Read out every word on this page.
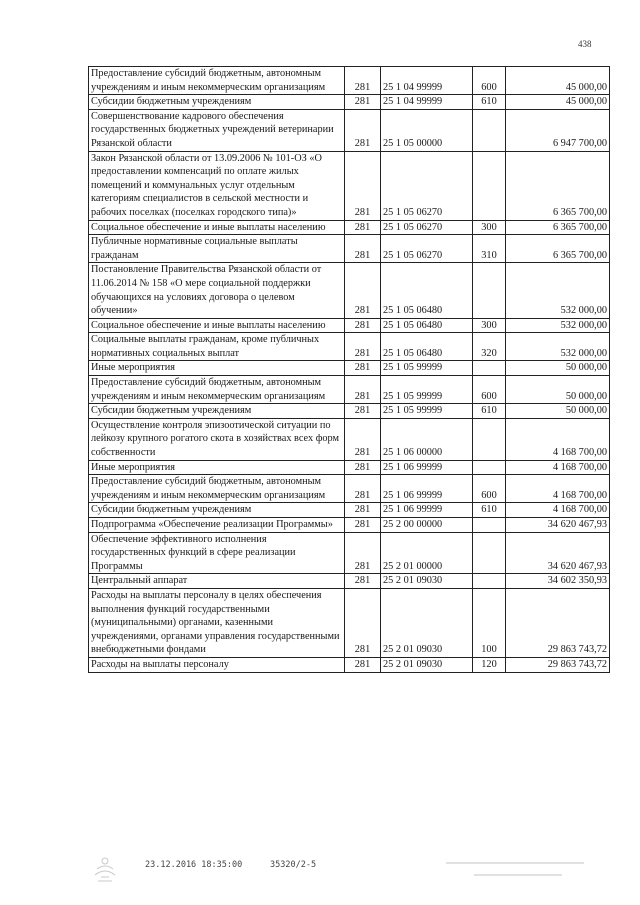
438
Предоставление субсидий бюджетным, автономным учреждениям и иным некоммерческим организациям	281	25 1 04 99999	600	45 000,00
Субсидии бюджетным учреждениям	281	25 1 04 99999	610	45 000,00
Совершенствование кадрового обеспечения государственных бюджетных учреждений ветеринарии Рязанской области	281	25 1 05 00000		6 947 700,00
Закон Рязанской области от 13.09.2006 № 101-ОЗ «О предоставлении компенсаций по оплате жилых помещений и коммунальных услуг отдельным категориям специалистов в сельской местности и рабочих поселках (поселках городского типа)»	281	25 1 05 06270		6 365 700,00
Социальное обеспечение и иные выплаты населению	281	25 1 05 06270	300	6 365 700,00
Публичные нормативные социальные выплаты гражданам	281	25 1 05 06270	310	6 365 700,00
Постановление Правительства Рязанской области от 11.06.2014 № 158 «О мере социальной поддержки обучающихся на условиях договора о целевом обучении»	281	25 1 05 06480		532 000,00
Социальное обеспечение и иные выплаты населению	281	25 1 05 06480	300	532 000,00
Социальные выплаты гражданам, кроме публичных нормативных социальных выплат	281	25 1 05 06480	320	532 000,00
Иные мероприятия	281	25 1 05 99999		50 000,00
Предоставление субсидий бюджетным, автономным учреждениям и иным некоммерческим организациям	281	25 1 05 99999	600	50 000,00
Субсидии бюджетным учреждениям	281	25 1 05 99999	610	50 000,00
Осуществление контроля эпизоотической ситуации по лейкозу крупного рогатого скота в хозяйствах всех форм собственности	281	25 1 06 00000		4 168 700,00
Иные мероприятия	281	25 1 06 99999		4 168 700,00
Предоставление субсидий бюджетным, автономным учреждениям и иным некоммерческим организациям	281	25 1 06 99999	600	4 168 700,00
Субсидии бюджетным учреждениям	281	25 1 06 99999	610	4 168 700,00
Подпрограмма «Обеспечение реализации Программы»	281	25 2 00 00000		34 620 467,93
Обеспечение эффективного исполнения государственных функций в сфере реализации Программы	281	25 2 01 00000		34 620 467,93
Центральный аппарат	281	25 2 01 09030		34 602 350,93
Расходы на выплаты персоналу в целях обеспечения выполнения функций государственными (муниципальными) органами, казенными учреждениями, органами управления государственными внебюджетными фондами	281	25 2 01 09030	100	29 863 743,72
Расходы на выплаты персоналу	281	25 2 01 09030	120	29 863 743,72
23.12.2016 18:35:00	35320/2-5
